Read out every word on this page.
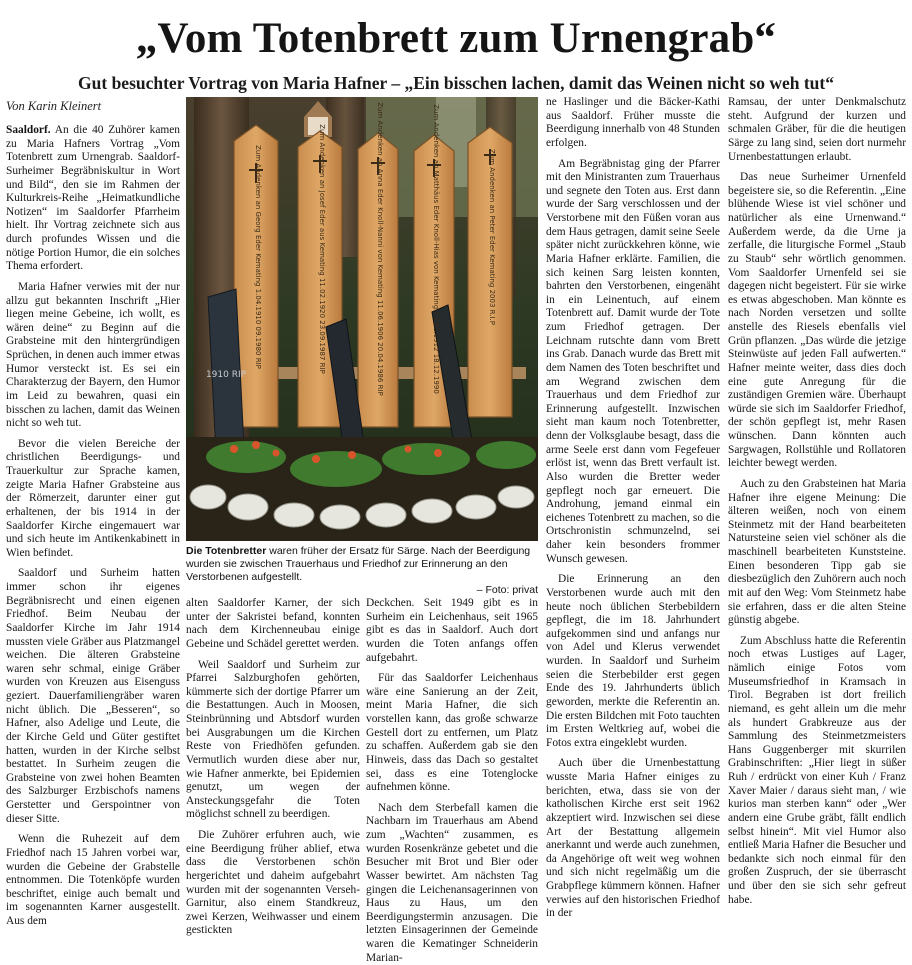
„Vom Totenbrett zum Urnengrab“
Gut besuchter Vortrag von Maria Hafner – „Ein bisschen lachen, damit das Weinen nicht so weh tut“
Von Karin Kleinert

Saaldorf. An die 40 Zuhörer kamen zu Maria Hafners Vortrag „Vom Totenbrett zum Urnengrab. Saaldorf-Surheimer Begräbniskultur in Wort und Bild“, den sie im Rahmen der Kulturkreis-Reihe „Heimatkundliche Notizen“ im Saaldorfer Pfarrheim hielt. Ihr Vortrag zeichnete sich aus durch profundes Wissen und die nötige Portion Humor, die ein solches Thema erfordert.

Maria Hafner verwies mit der nur allzu gut bekannten Inschrift „Hier liegen meine Gebeine, ich wollt, es wären deine“ zu Beginn auf die Grabsteine mit den hintergründigen Sprüchen, in denen auch immer etwas Humor versteckt ist. Es sei ein Charakterzug der Bayern, den Humor im Leid zu bewahren, quasi ein bisschen zu lachen, damit das Weinen nicht so weh tut.

Bevor die vielen Bereiche der christlichen Beerdigungs- und Trauerkultur zur Sprache kamen, zeigte Maria Hafner Grabsteine aus der Römerzeit, darunter einer gut erhaltenen, der bis 1914 in der Saaldorfer Kirche eingemauert war und sich heute im Antikenkabinett in Wien befindet.

Saaldorf und Surheim hatten immer schon ihr eigenes Begräbnisrecht und einen eigenen Friedhof. Beim Neubau der Saaldorfer Kirche im Jahr 1914 mussten viele Gräber aus Platzmangel weichen. Die älteren Grabsteine waren sehr schmal, einige Gräber wurden von Kreuzen aus Eisenguss geziert. Dauerfamiliengräber waren nicht üblich. Die „Besseren“, so Hafner, also Adelige und Leute, die der Kirche Geld und Güter gestiftet hatten, wurden in der Kirche selbst bestattet. In Surheim zeugen die Grabsteine von zwei hohen Beamten des Salzburger Erzbischofs namens Gerstetter und Gerspointner von dieser Sitte.

Wenn die Ruhezeit auf dem Friedhof nach 15 Jahren vorbei war, wurden die Gebeine der Grabstelle entnommen. Die Totenköpfe wurden beschriftet, einige auch bemalt und im sogenannten Karner ausgestellt. Aus dem

Zum Andenken an Georg Eder Kemating 1.04.1910 09.1980 RIP	Zum Andenken an Josef Eder aus Kemating 11.02.1920 23.09.1987 RIP	Zum Andenken an Anna Eder Knoll-Nanni von Kemating 11.06.1906 20.04.1986 RIP	Zum Andenken an Matthäus Eder Knoll-Hias von Kemating 11.02.1912 18.12.1990	Zum Andenken an Peter Eder Kemating 2003 R.I.P
1910 RIP
Die Totenbretter waren früher der Ersatz für Särge. Nach der Beerdigung wurden sie zwischen Trauerhaus und Friedhof zur Erinnerung an den Verstorbenen aufgestellt.
– Foto: privat

alten Saaldorfer Karner, der sich unter der Sakristei befand, konnten nach dem Kirchenneubau einige Gebeine und Schädel gerettet werden.

Weil Saaldorf und Surheim zur Pfarrei Salzburghofen gehörten, kümmerte sich der dortige Pfarrer um die Bestattungen. Auch in Moosen, Steinbrünning und Abtsdorf wurden bei Ausgrabungen um die Kirchen Reste von Friedhöfen gefunden. Vermutlich wurden diese aber nur, wie Hafner anmerkte, bei Epidemien genutzt, um wegen der Ansteckungsgefahr die Toten möglichst schnell zu beerdigen.

Die Zuhörer erfuhren auch, wie eine Beerdigung früher ablief, etwa dass die Verstorbenen schön hergerichtet und daheim aufgebahrt wurden mit der sogenannten Verseh-Garnitur, also einem Standkreuz, zwei Kerzen, Weihwasser und einem gestickten

Deckchen. Seit 1949 gibt es in Surheim ein Leichenhaus, seit 1965 gibt es das in Saaldorf. Auch dort wurden die Toten anfangs offen aufgebahrt.

Für das Saaldorfer Leichenhaus wäre eine Sanierung an der Zeit, meint Maria Hafner, die sich vorstellen kann, das große schwarze Gestell dort zu entfernen, um Platz zu schaffen. Außerdem gab sie den Hinweis, dass das Dach so gestaltet sei, dass es eine Totenglocke aufnehmen könne.

Nach dem Sterbefall kamen die Nachbarn im Trauerhaus am Abend zum „Wachten“ zusammen, es wurden Rosenkränze gebetet und die Besucher mit Brot und Bier oder Wasser bewirtet. Am nächsten Tag gingen die Leichenansagerinnen von Haus zu Haus, um den Beerdigungstermin anzusagen. Die letzten Einsagerinnen der Gemeinde waren die Kematinger Schneiderin Marian-

ne Haslinger und die Bäcker-Kathi aus Saaldorf. Früher musste die Beerdigung innerhalb von 48 Stunden erfolgen.

Am Begräbnistag ging der Pfarrer mit den Ministranten zum Trauerhaus und segnete den Toten aus. Erst dann wurde der Sarg verschlossen und der Verstorbene mit den Füßen voran aus dem Haus getragen, damit seine Seele später nicht zurückkehren könne, wie Maria Hafner erklärte. Familien, die sich keinen Sarg leisten konnten, bahrten den Verstorbenen, eingenäht in ein Leinentuch, auf einem Totenbrett auf. Damit wurde der Tote zum Friedhof getragen. Der Leichnam rutschte dann vom Brett ins Grab. Danach wurde das Brett mit dem Namen des Toten beschriftet und am Wegrand zwischen dem Trauerhaus und dem Friedhof zur Erinnerung aufgestellt. Inzwischen sieht man kaum noch Totenbretter, denn der Volksglaube besagt, dass die arme Seele erst dann vom Fegefeuer erlöst ist, wenn das Brett verfault ist. Also wurden die Bretter weder gepflegt noch gar erneuert. Die Androhung, jemand einmal ein eichenes Totenbrett zu machen, so die Ortschronistin schmunzelnd, sei daher kein besonders frommer Wunsch gewesen.

Die Erinnerung an den Verstorbenen wurde auch mit den heute noch üblichen Sterbebildern gepflegt, die im 18. Jahrhundert aufgekommen sind und anfangs nur von Adel und Klerus verwendet wurden. In Saaldorf und Surheim seien die Sterbebilder erst gegen Ende des 19. Jahrhunderts üblich geworden, merkte die Referentin an. Die ersten Bildchen mit Foto tauchten im Ersten Weltkrieg auf, wobei die Fotos extra eingeklebt wurden.

Auch über die Urnenbestattung wusste Maria Hafner einiges zu berichten, etwa, dass sie von der katholischen Kirche erst seit 1962 akzeptiert wird. Inzwischen sei diese Art der Bestattung allgemein anerkannt und werde auch zunehmen, da Angehörige oft weit weg wohnen und sich nicht regelmäßig um die Grabpflege kümmern können. Hafner verwies auf den historischen Friedhof in der

Ramsau, der unter Denkmalschutz steht. Aufgrund der kurzen und schmalen Gräber, für die die heutigen Särge zu lang sind, seien dort nurmehr Urnenbestattungen erlaubt.

Das neue Surheimer Urnenfeld begeistere sie, so die Referentin. „Eine blühende Wiese ist viel schöner und natürlicher als eine Urnenwand.“ Außerdem werde, da die Urne ja zerfalle, die liturgische Formel „Staub zu Staub“ sehr wörtlich genommen. Vom Saaldorfer Urnenfeld sei sie dagegen nicht begeistert. Für sie wirke es etwas abgeschoben. Man könnte es nach Norden versetzen und sollte anstelle des Riesels ebenfalls viel Grün pflanzen. „Das würde die jetzige Steinwüste auf jeden Fall aufwerten.“ Hafner meinte weiter, dass dies doch eine gute Anregung für die zuständigen Gremien wäre. Überhaupt würde sie sich im Saaldorfer Friedhof, der schön gepflegt ist, mehr Rasen wünschen. Dann könnten auch Sargwagen, Rollstühle und Rollatoren leichter bewegt werden.

Auch zu den Grabsteinen hat Maria Hafner ihre eigene Meinung: Die älteren weißen, noch von einem Steinmetz mit der Hand bearbeiteten Natursteine seien viel schöner als die maschinell bearbeiteten Kunststeine. Einen besonderen Tipp gab sie diesbezüglich den Zuhörern auch noch mit auf den Weg: Vom Steinmetz habe sie erfahren, dass er die alten Steine günstig abgebe.

Zum Abschluss hatte die Referentin noch etwas Lustiges auf Lager, nämlich einige Fotos vom Museumsfriedhof in Kramsach in Tirol. Begraben ist dort freilich niemand, es geht allein um die mehr als hundert Grabkreuze aus der Sammlung des Steinmetzmeisters Hans Guggenberger mit skurrilen Grabinschriften: „Hier liegt in süßer Ruh / erdrückt von einer Kuh / Franz Xaver Maier / daraus sieht man, / wie kurios man sterben kann“ oder „Wer andern eine Grube gräbt, fällt endlich selbst hinein“. Mit viel Humor also entließ Maria Hafner die Besucher und bedankte sich noch einmal für den großen Zuspruch, der sie überrascht und über den sie sich sehr gefreut habe.
